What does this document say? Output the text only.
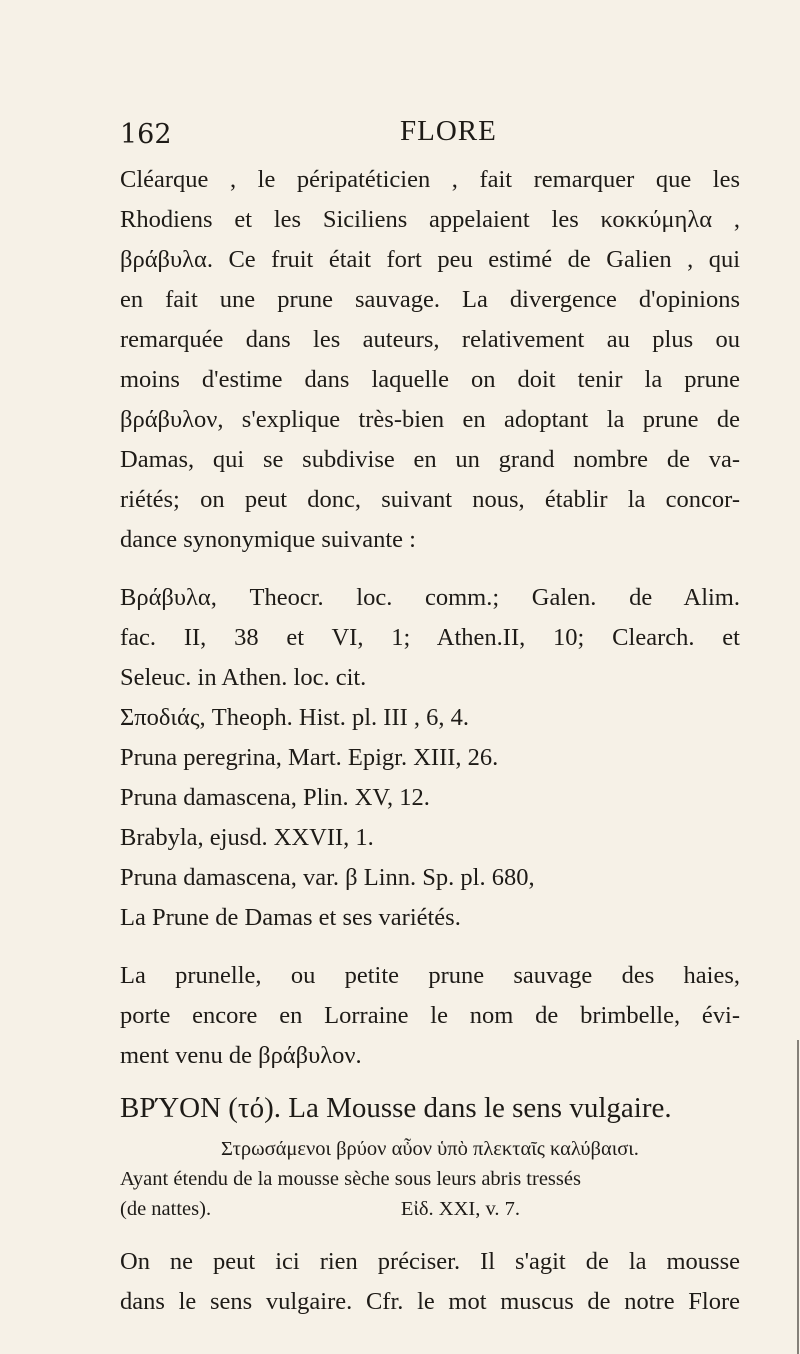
162	FLORE
Cléarque , le péripatéticien , fait remarquer que les
Rhodiens et les Siciliens appelaient les κοκκύμηλα ,
βράβυλα. Ce fruit était fort peu estimé de Galien , qui
en fait une prune sauvage. La divergence d'opinions
remarquée dans les auteurs, relativement au plus ou
moins d'estime dans laquelle on doit tenir la prune
βράβυλον, s'explique très-bien en adoptant la prune de
Damas, qui se subdivise en un grand nombre de va-
riétés; on peut donc, suivant nous, établir la concor-
dance synonymique suivante :
Βράβυλα, Theocr. loc. comm.; Galen. de Alim.
fac. II, 38 et VI, 1; Athen.II, 10; Clearch. et
Seleuc. in Athen. loc. cit.
Σποδιάς, Theoph. Hist. pl. III , 6, 4.
Pruna peregrina, Mart. Epigr. XIII, 26.
Pruna damascena, Plin. XV, 12.
Brabyla, ejusd. XXVII, 1.
Pruna damascena, var. β Linn. Sp. pl. 680,
La Prune de Damas et ses variétés.
La prunelle, ou petite prune sauvage des haies,
porte encore en Lorraine le nom de brimbelle, évi-
ment venu de βράβυλον.
BPΎON (τό). La Mousse dans le sens vulgaire.
Στρωσάμενοι βρύον αὖον ὑπὸ πλεκταῖς καλύβαισι.
Ayant étendu de la mousse sèche sous leurs abris tressés
(de nattes).	Εἰδ. XXI, v. 7.
On ne peut ici rien préciser. Il s'agit de la mousse
dans le sens vulgaire. Cfr. le mot muscus de notre Flore
